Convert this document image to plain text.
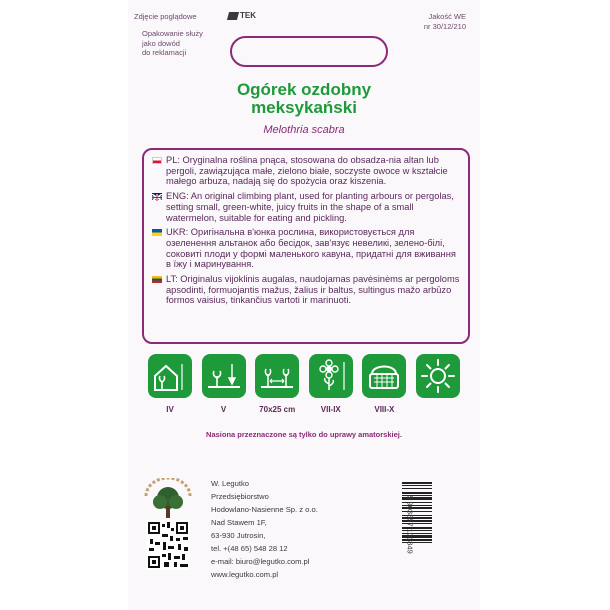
Zdjęcie poglądowe	TEK	Jakość WE
nr 30/12/210
Opakowanie służy
jako dowód
do reklamacji
Ogórek ozdobny
meksykański
Melothria scabra
PL: Oryginalna roślina pnąca, stosowana do obsadza-nia altan lub pergoli, zawiązująca małe, zielono białe, soczyste owoce w kształcie małego arbuza, nadają się do spożycia oraz kiszenia.
ENG: An original climbing plant, used for planting arbours or pergolas, setting small, green-white, juicy fruits in the shape of a small watermelon, suitable for eating and pickling.
UKR: Оригінальна в'юнка рослина, використовується для озеленення альтанок або бесідок, зав'язує невеликі, зелено-білі, соковиті плоди у формі маленького кавуна, придатні для вживання в їжу і маринування.
LT: Originalus vijoklinis augalas, naudojamas pavėsinėms ar pergoloms apsodinti, formuojantis mažus, žalius ir baltus, sultingus mažo arbūzo formos vaisius, tinkančius vartoti ir marinuoti.
IV	V	70x25 cm	VII-IX	VIII-X
Nasiona przeznaczone są tylko do uprawy amatorskiej.
W. Legutko
Przedsiębiorstwo
Hodowlano-Nasienne Sp. z o.o.
Nad Stawem 1F,
63-930 Jutrosin,
tel. +(48 65) 548 28 12
e-mail: biuro@legutko.com.pl
www.legutko.com.pl
5 903857 101849
